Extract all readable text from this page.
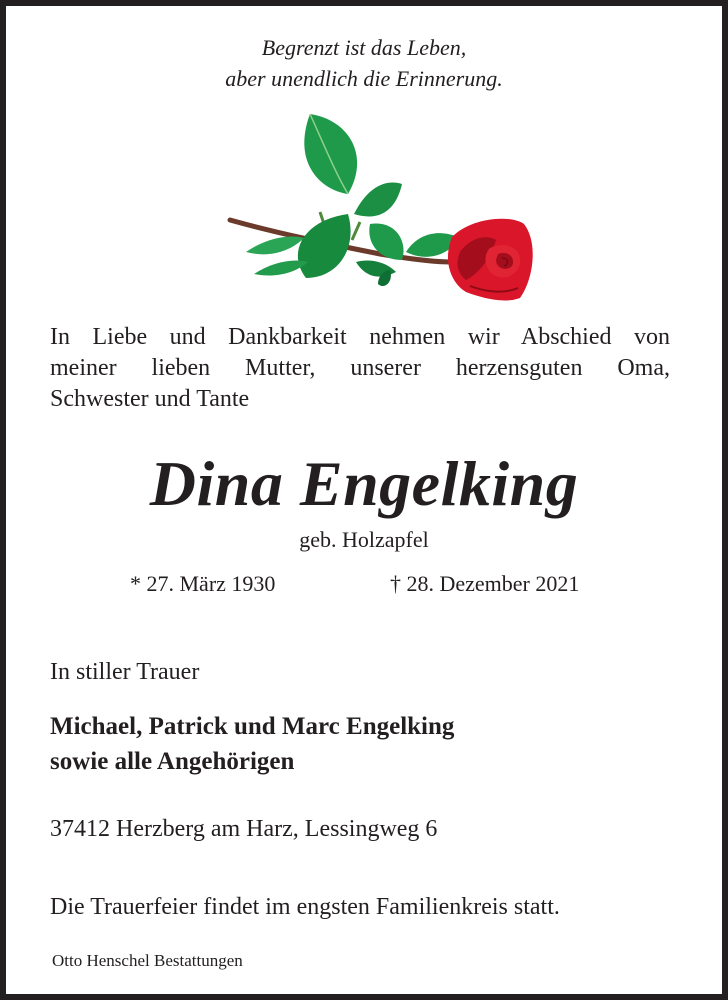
Begrenzt ist das Leben,
aber unendlich die Erinnerung.
In Liebe und Dankbarkeit nehmen wir Abschied von
meiner lieben Mutter, unserer herzensguten Oma,
Schwester und Tante
Dina Engelking
geb. Holzapfel
* 27. März 1930	† 28. Dezember 2021
In stiller Trauer
Michael, Patrick und Marc Engelking
sowie alle Angehörigen
37412 Herzberg am Harz, Lessingweg 6
Die Trauerfeier findet im engsten Familienkreis statt.
Otto Henschel Bestattungen
